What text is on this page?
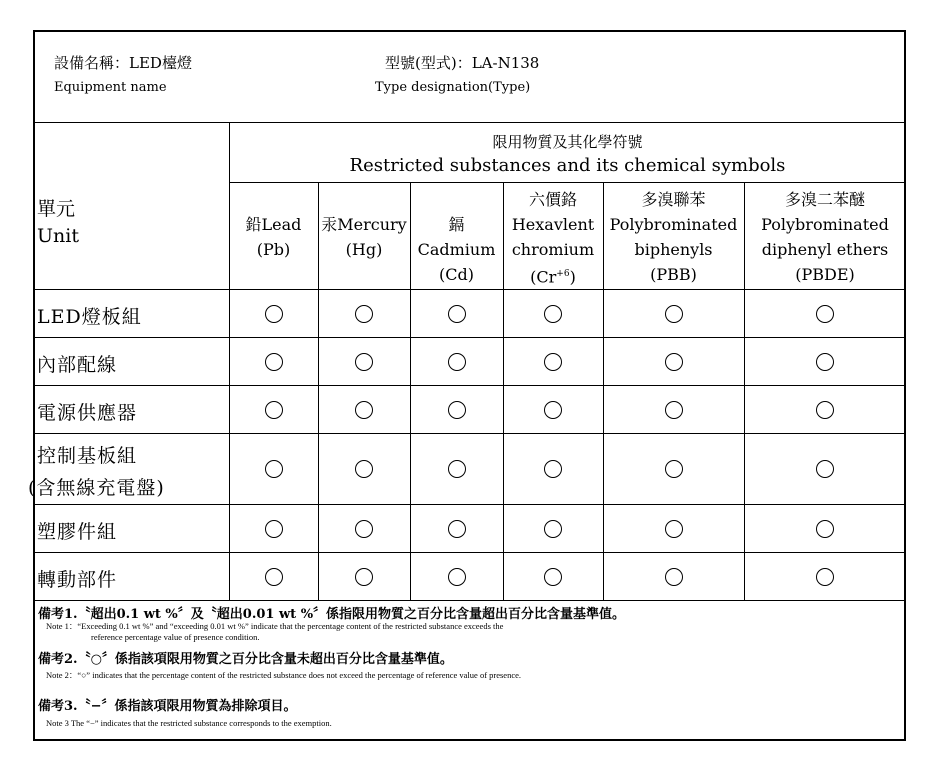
設備名稱：LED檯燈
Equipment name
型號(型式)：LA-N138
Type designation(Type)
單元
Unit
限用物質及其化學符號
Restricted substances and its chemical symbols
鉛Lead
(Pb)
汞Mercury
(Hg)
鎘Cadmium
(Cd)
六價鉻
Hexavlent
chromium
$(Cr^{+6})$
多溴聯苯
Polybrominated
biphenyls
(PBB)
多溴二苯醚
Polybrominated
diphenyl ethers
(PBDE)
LED燈板組
內部配線
電源供應器
控制基板組
(含無線充電盤)
塑膠件組
轉動部件
備考1.〝超出0.1 wt %〞及〝超出0.01 wt %〞係指限用物質之百分比含量超出百分比含量基準值。
Note 1：“Exceeding 0.1 wt %” and “exceeding 0.01 wt %” indicate that the percentage content of the restricted substance exceeds the
reference percentage value of presence condition.
備考2.〝○〞係指該項限用物質之百分比含量未超出百分比含量基準值。
Note 2：“○” indicates that the percentage content of the restricted substance does not exceed the percentage of reference value of presence.
備考3.〝−〞係指該項限用物質為排除項目。
Note 3 The “−” indicates that the restricted substance corresponds to the exemption.
